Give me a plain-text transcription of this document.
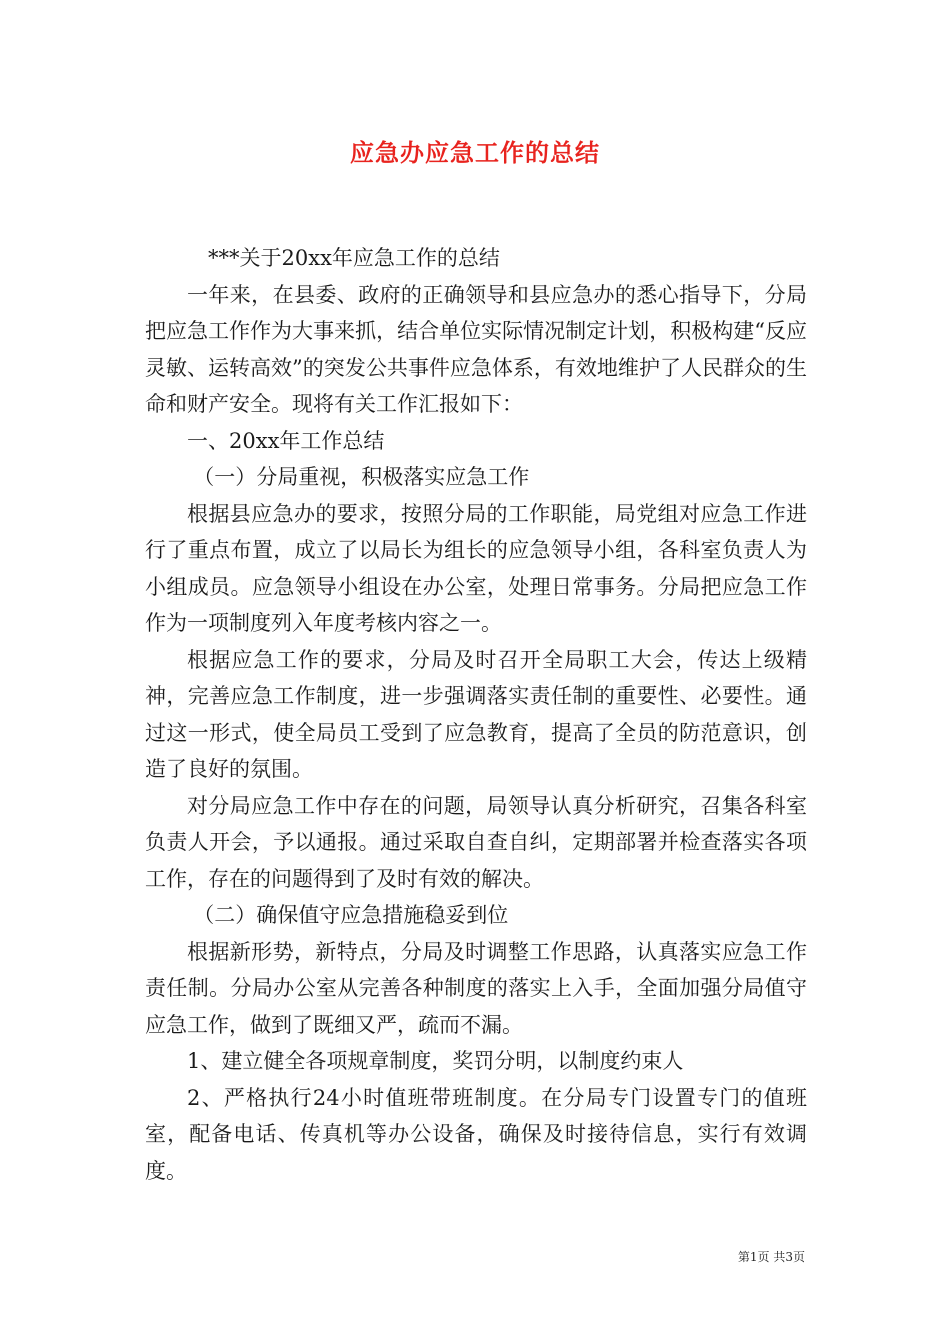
应急办应急工作的总结

***关于20xx年应急工作的总结

一年来，在县委、政府的正确领导和县应急办的悉心指导下，分局把应急工作作为大事来抓，结合单位实际情况制定计划，积极构建“反应灵敏、运转高效”的突发公共事件应急体系，有效地维护了人民群众的生命和财产安全。现将有关工作汇报如下：

一、20xx年工作总结

（一）分局重视，积极落实应急工作

根据县应急办的要求，按照分局的工作职能，局党组对应急工作进行了重点布置，成立了以局长为组长的应急领导小组，各科室负责人为小组成员。应急领导小组设在办公室，处理日常事务。分局把应急工作作为一项制度列入年度考核内容之一。

根据应急工作的要求，分局及时召开全局职工大会，传达上级精神，完善应急工作制度，进一步强调落实责任制的重要性、必要性。通过这一形式，使全局员工受到了应急教育，提高了全员的防范意识，创造了良好的氛围。

对分局应急工作中存在的问题，局领导认真分析研究，召集各科室负责人开会，予以通报。通过采取自查自纠，定期部署并检查落实各项工作，存在的问题得到了及时有效的解决。

（二）确保值守应急措施稳妥到位

根据新形势，新特点，分局及时调整工作思路，认真落实应急工作责任制。分局办公室从完善各种制度的落实上入手，全面加强分局值守应急工作，做到了既细又严，疏而不漏。

1、建立健全各项规章制度，奖罚分明，以制度约束人

2、严格执行24小时值班带班制度。在分局专门设置专门的值班室，配备电话、传真机等办公设备，确保及时接待信息，实行有效调度。

第1页 共3页
